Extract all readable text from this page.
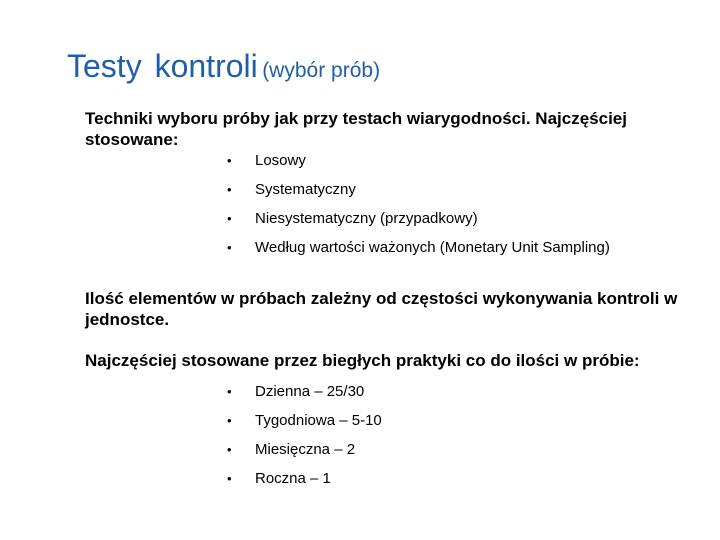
Testy kontroli (wybór prób)
Techniki wyboru próby jak przy testach wiarygodności. Najczęściej stosowane:
• Losowy
• Systematyczny
• Niesystematyczny (przypadkowy)
• Według wartości ważonych (Monetary Unit Sampling)
Ilość elementów w próbach zależny od częstości wykonywania kontroli w jednostce.
Najczęściej stosowane przez biegłych praktyki co do ilości w próbie:
• Dzienna – 25/30
• Tygodniowa – 5-10
• Miesięczna – 2
• Roczna – 1
